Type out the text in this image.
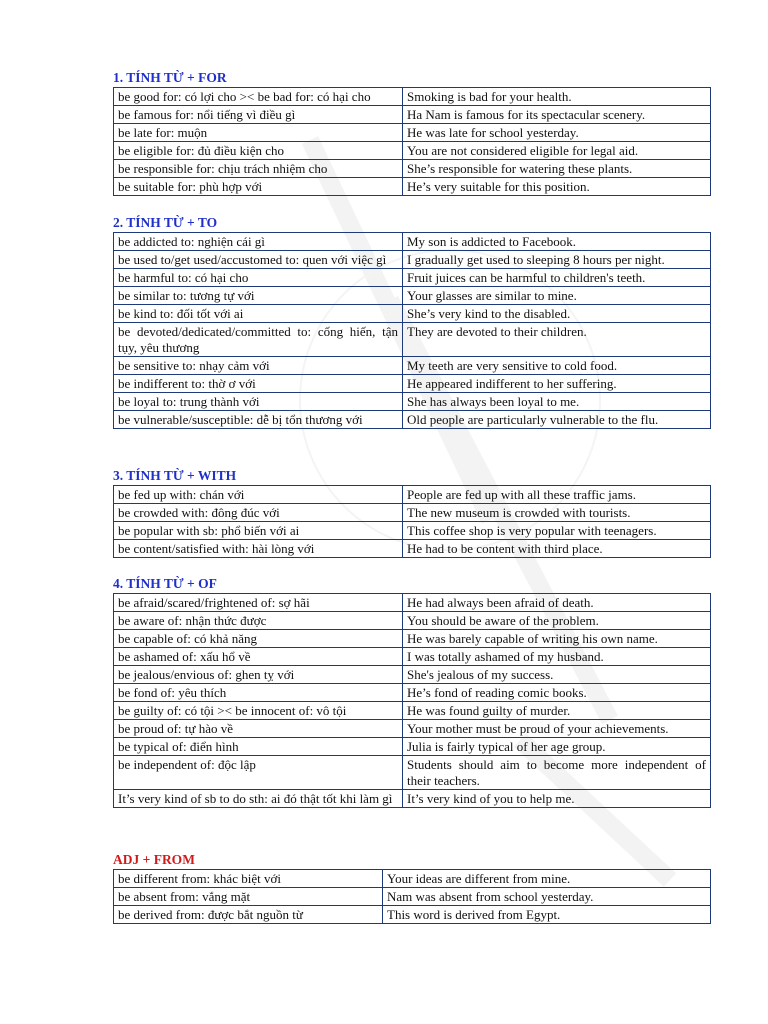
1. TÍNH TỪ + FOR
be good for: có lợi cho >< be bad for: có hại cho	Smoking is bad for your health.
be famous for: nổi tiếng vì điều gì	Ha Nam is famous for its spectacular scenery.
be late for: muộn	He was late for school yesterday.
be eligible for: đủ điều kiện cho	You are not considered eligible for legal aid.
be responsible for: chịu trách nhiệm cho	She’s responsible for watering these plants.
be suitable for: phù hợp với	He’s very suitable for this position.
2. TÍNH TỪ + TO
be addicted to: nghiện cái gì	My son is addicted to Facebook.
be used to/get used/accustomed to: quen với việc gì	I gradually get used to sleeping 8 hours per night.
be harmful to: có hại cho	Fruit juices can be harmful to children's teeth.
be similar to: tương tự với	Your glasses are similar to mine.
be kind to: đối tốt với ai	She’s very kind to the disabled.
be devoted/dedicated/committed to: cống hiến, tận tụy, yêu thương	They are devoted to their children.
be sensitive to: nhạy cảm với	My teeth are very sensitive to cold food.
be indifferent to: thờ ơ với	He appeared indifferent to her suffering.
be loyal to: trung thành với	She has always been loyal to me.
be vulnerable/susceptible: dễ bị tổn thương với	Old people are particularly vulnerable to the flu.
3. TÍNH TỪ + WITH
be fed up with: chán với	People are fed up with all these traffic jams.
be crowded with: đông đúc với	The new museum is crowded with tourists.
be popular with sb: phổ biến với ai	This coffee shop is very popular with teenagers.
be content/satisfied with: hài lòng với	He had to be content with third place.
4. TÍNH TỪ + OF
be afraid/scared/frightened of: sợ hãi	He had always been afraid of death.
be aware of: nhận thức được	You should be aware of the problem.
be capable of: có khả năng	He was barely capable of writing his own name.
be ashamed of: xấu hổ về	I was totally ashamed of my husband.
be jealous/envious of: ghen tỵ với	She's jealous of my success.
be fond of: yêu thích	He’s fond of reading comic books.
be guilty of: có tội >< be innocent of: vô tội	He was found guilty of murder.
be proud of: tự hào về	Your mother must be proud of your achievements.
be typical of: điển hình	Julia is fairly typical of her age group.
be independent of: độc lập	Students should aim to become more independent of their teachers.
It’s very kind of sb to do sth: ai đó thật tốt khi làm gì	It’s very kind of you to help me.
ADJ + FROM
be different from: khác biệt với	Your ideas are different from mine.
be absent from: vắng mặt	Nam was absent from school yesterday.
be derived from: được bắt nguồn từ	This word is derived from Egypt.
